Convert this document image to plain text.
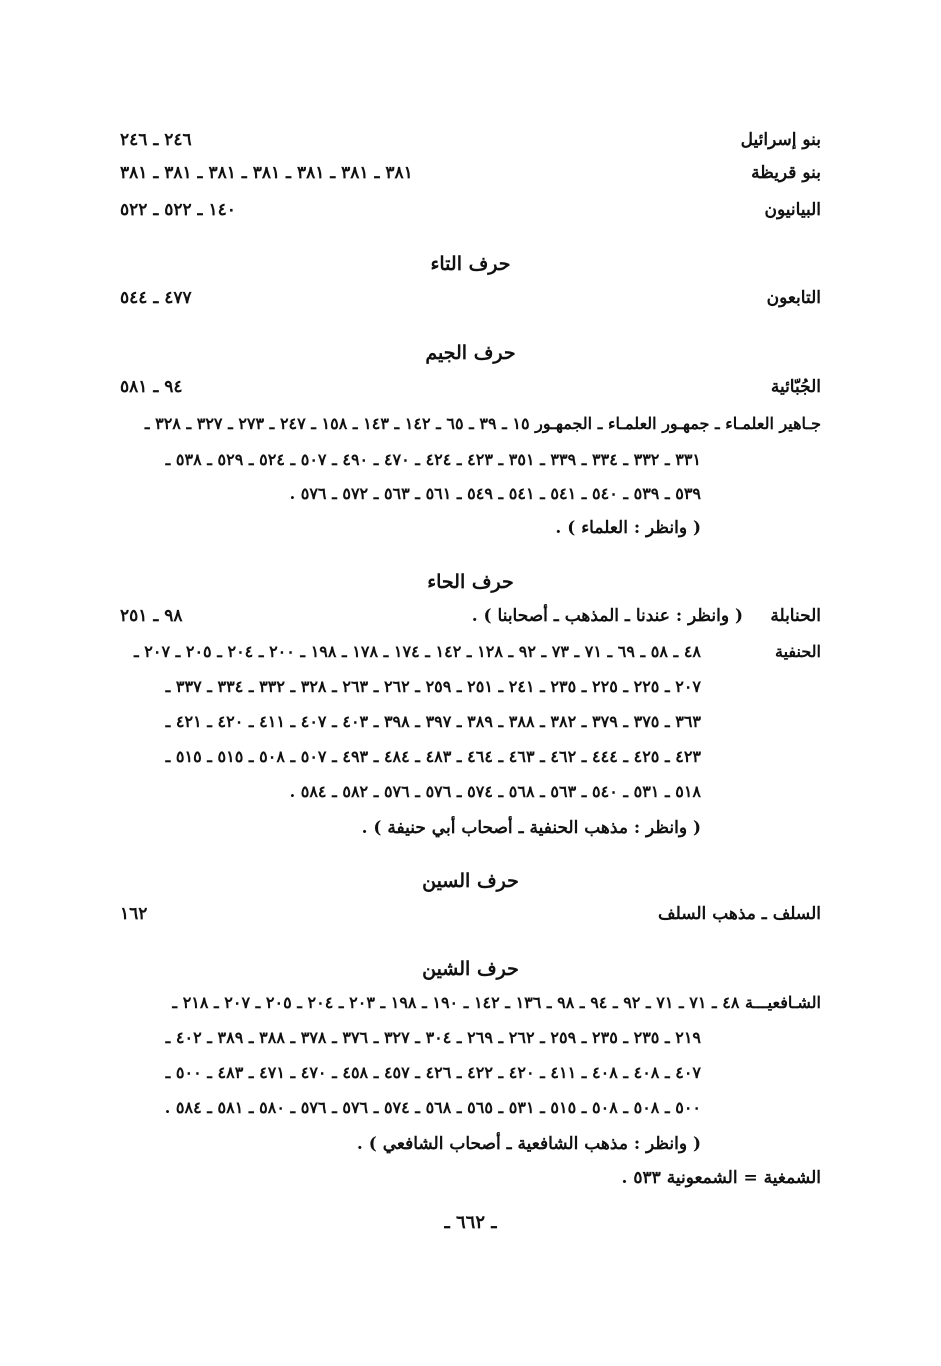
بنو إسرائيل
٢٤٦ ـ ٢٤٦
بنو قريظة
٣٨١ ـ ٣٨١ ـ ٣٨١ ـ ٣٨١ ـ ٣٨١ ـ ٣٨١ ـ ٣٨١
البيانيون
١٤٠ ـ ٥٢٢ ـ ٥٢٢
حرف التاء
التابعون
٤٧٧ ـ ٥٤٤
حرف الجيم
الجُبّائية
٩٤ ـ ٥٨١
جـاهير العلمـاء ـ جمهـور العلمـاء ـ الجمهـور ١٥ ـ ٣٩ ـ ٦٥ ـ ١٤٢ ـ ١٤٣ ـ ١٥٨ ـ ٢٤٧ ـ ٢٧٣ ـ ٣٢٧ ـ ٣٢٨ ـ
٣٣١ ـ ٣٣٢ ـ ٣٣٤ ـ ٣٣٩ ـ ٣٥١ ـ ٤٢٣ ـ ٤٢٤ ـ ٤٧٠ ـ ٤٩٠ ـ ٥٠٧ ـ ٥٢٤ ـ ٥٢٩ ـ ٥٣٨ ـ
٥٣٩ ـ ٥٣٩ ـ ٥٤٠ ـ ٥٤١ ـ ٥٤١ ـ ٥٤٩ ـ ٥٦١ ـ ٥٦٣ ـ ٥٧٢ ـ ٥٧٦ .
( وانظر : العلماء ) .
حرف الحاء
الحنابلة
( وانظر : عندنا ـ المذهب ـ أصحابنا ) .
٩٨ ـ ٢٥١
الحنفية
٤٨ ـ ٥٨ ـ ٦٩ ـ ٧١ ـ ٧٣ ـ ٩٢ ـ ١٢٨ ـ ١٤٢ ـ ١٧٤ ـ ١٧٨ ـ ١٩٨ ـ ٢٠٠ ـ ٢٠٤ ـ ٢٠٥ ـ ٢٠٧ ـ
٢٠٧ ـ ٢٢٥ ـ ٢٢٥ ـ ٢٣٥ ـ ٢٤١ ـ ٢٥١ ـ ٢٥٩ ـ ٢٦٢ ـ ٢٦٣ ـ ٣٢٨ ـ ٣٣٢ ـ ٣٣٤ ـ ٣٣٧ ـ
٣٦٣ ـ ٣٧٥ ـ ٣٧٩ ـ ٣٨٢ ـ ٣٨٨ ـ ٣٨٩ ـ ٣٩٧ ـ ٣٩٨ ـ ٤٠٣ ـ ٤٠٧ ـ ٤١١ ـ ٤٢٠ ـ ٤٢١ ـ
٤٢٣ ـ ٤٢٥ ـ ٤٤٤ ـ ٤٦٢ ـ ٤٦٣ ـ ٤٦٤ ـ ٤٨٣ ـ ٤٨٤ ـ ٤٩٣ ـ ٥٠٧ ـ ٥٠٨ ـ ٥١٥ ـ ٥١٥ ـ
٥١٨ ـ ٥٣١ ـ ٥٤٠ ـ ٥٦٣ ـ ٥٦٨ ـ ٥٧٤ ـ ٥٧٦ ـ ٥٧٦ ـ ٥٨٢ ـ ٥٨٤ .
( وانظر : مذهب الحنفية ـ أصحاب أبي حنيفة ) .
حرف السين
السلف ـ مذهب السلف
١٦٢
حرف الشين
الشـافعيـــة ٤٨ ـ ٧١ ـ ٧١ ـ ٩٢ ـ ٩٤ ـ ٩٨ ـ ١٣٦ ـ ١٤٢ ـ ١٩٠ ـ ١٩٨ ـ ٢٠٣ ـ ٢٠٤ ـ ٢٠٥ ـ ٢٠٧ ـ ٢١٨ ـ
٢١٩ ـ ٢٣٥ ـ ٢٣٥ ـ ٢٥٩ ـ ٢٦٢ ـ ٢٦٩ ـ ٣٠٤ ـ ٣٢٧ ـ ٣٧٦ ـ ٣٧٨ ـ ٣٨٨ ـ ٣٨٩ ـ ٤٠٢ ـ
٤٠٧ ـ ٤٠٨ ـ ٤٠٨ ـ ٤١١ ـ ٤٢٠ ـ ٤٢٢ ـ ٤٢٦ ـ ٤٥٧ ـ ٤٥٨ ـ ٤٧٠ ـ ٤٧١ ـ ٤٨٣ ـ ٥٠٠ ـ
٥٠٠ ـ ٥٠٨ ـ ٥٠٨ ـ ٥١٥ ـ ٥٣١ ـ ٥٦٥ ـ ٥٦٨ ـ ٥٧٤ ـ ٥٧٦ ـ ٥٧٦ ـ ٥٨٠ ـ ٥٨١ ـ ٥٨٤ .
( وانظر : مذهب الشافعية ـ أصحاب الشافعي ) .
الشمغية = الشمعونية ٥٣٣ .
ـ ٦٦٢ ـ
